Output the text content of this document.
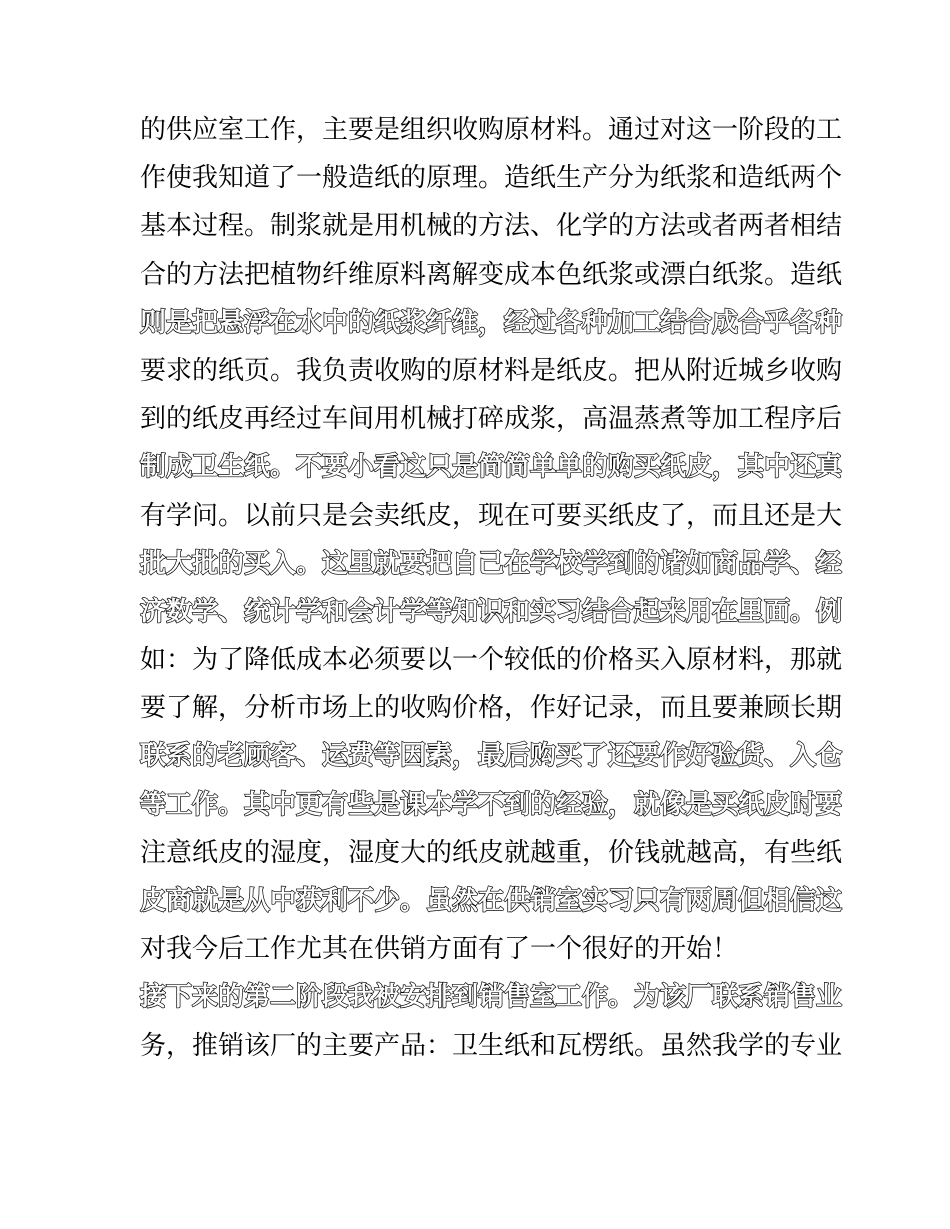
的供应室工作，主要是组织收购原材料。通过对这一阶段的工
作使我知道了一般造纸的原理。造纸生产分为纸浆和造纸两个
基本过程。制浆就是用机械的方法、化学的方法或者两者相结
合的方法把植物纤维原料离解变成本色纸浆或漂白纸浆。造纸
则是把悬浮在水中的纸浆纤维，经过各种加工结合成合乎各种
要求的纸页。我负责收购的原材料是纸皮。把从附近城乡收购
到的纸皮再经过车间用机械打碎成浆，高温蒸煮等加工程序后
制成卫生纸。不要小看这只是简简单单的购买纸皮，其中还真
有学问。以前只是会卖纸皮，现在可要买纸皮了，而且还是大
批大批的买入。这里就要把自己在学校学到的诸如商品学、经
济数学、统计学和会计学等知识和实习结合起来用在里面。例
如：为了降低成本必须要以一个较低的价格买入原材料，那就
要了解，分析市场上的收购价格，作好记录，而且要兼顾长期
联系的老顾客、运费等因素，最后购买了还要作好验货、入仓
等工作。其中更有些是课本学不到的经验，就像是买纸皮时要
注意纸皮的湿度，湿度大的纸皮就越重，价钱就越高，有些纸
皮商就是从中获利不少。虽然在供销室实习只有两周但相信这
对我今后工作尤其在供销方面有了一个很好的开始！
接下来的第二阶段我被安排到销售室工作。为该厂联系销售业
务，推销该厂的主要产品：卫生纸和瓦楞纸。虽然我学的专业
